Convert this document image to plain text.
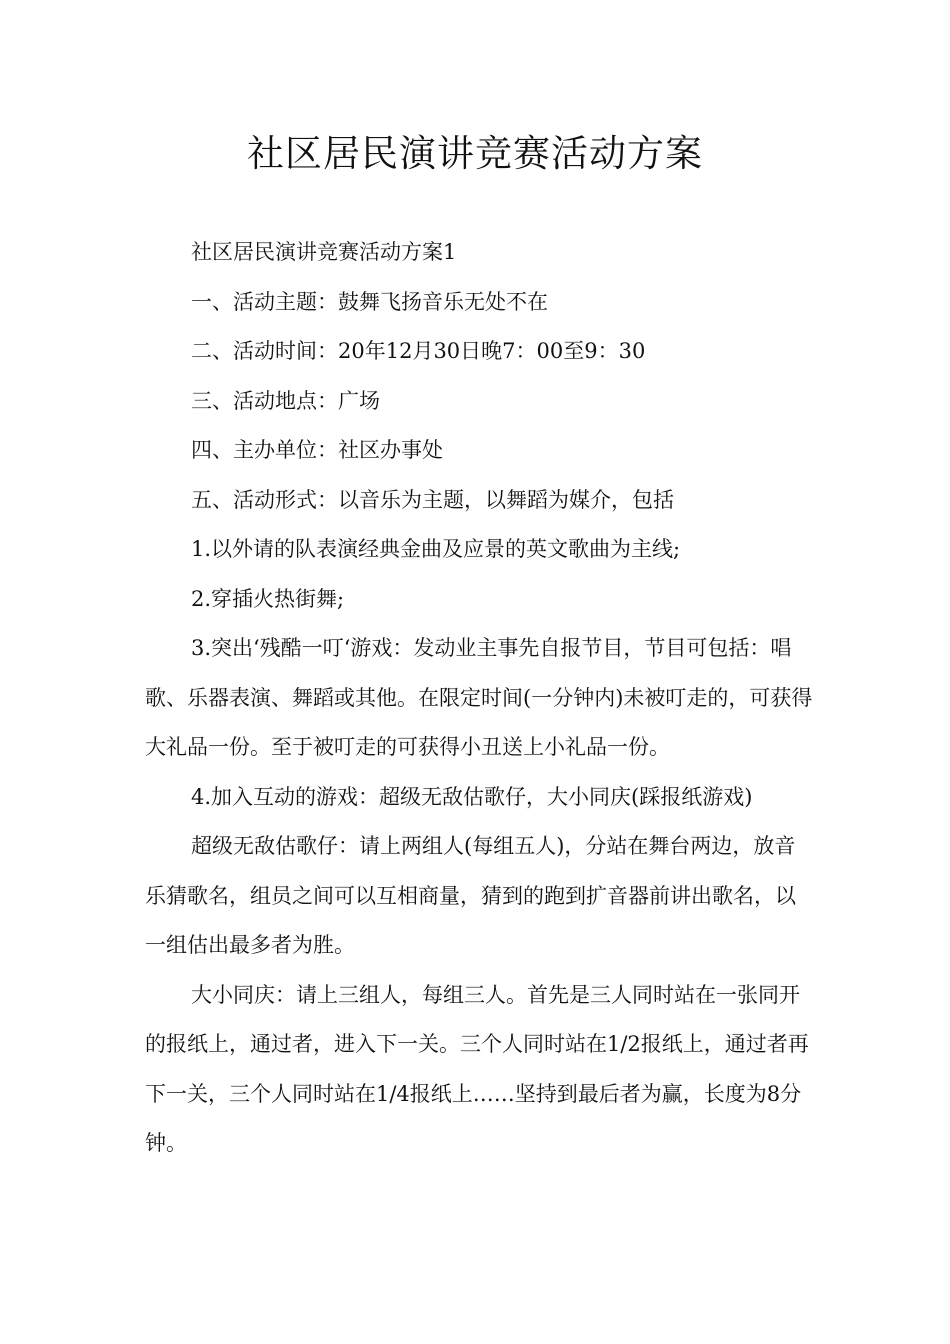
社区居民演讲竞赛活动方案

社区居民演讲竞赛活动方案1

一、活动主题：鼓舞飞扬音乐无处不在

二、活动时间：20年12月30日晚7：00至9：30

三、活动地点：广场

四、主办单位：社区办事处

五、活动形式：以音乐为主题，以舞蹈为媒介，包括

1.以外请的队表演经典金曲及应景的英文歌曲为主线;

2.穿插火热街舞;

3.突出‘残酷一叮‘游戏：发动业主事先自报节目，节目可包括：唱歌、乐器表演、舞蹈或其他。在限定时间(一分钟内)未被叮走的，可获得大礼品一份。至于被叮走的可获得小丑送上小礼品一份。

4.加入互动的游戏：超级无敌估歌仔，大小同庆(踩报纸游戏)

超级无敌估歌仔：请上两组人(每组五人)，分站在舞台两边，放音乐猜歌名，组员之间可以互相商量，猜到的跑到扩音器前讲出歌名，以一组估出最多者为胜。

大小同庆：请上三组人，每组三人。首先是三人同时站在一张同开的报纸上，通过者，进入下一关。三个人同时站在1/2报纸上，通过者再下一关，三个人同时站在1/4报纸上……坚持到最后者为赢，长度为8分钟。
